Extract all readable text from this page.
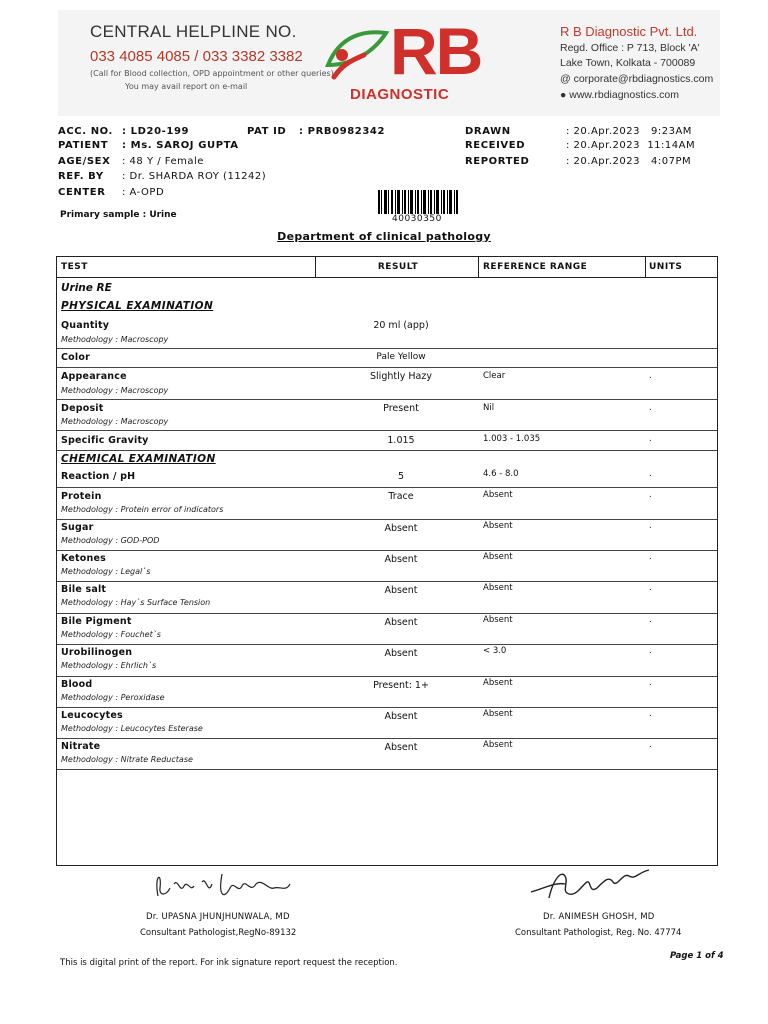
CENTRAL HELPLINE NO.
033 4085 4085 / 033 3382 3382
(Call for Blood collection, OPD appointment or other queries)
You may avail report on e-mail RB
DIAGNOSTIC
R B Diagnostic Pvt. Ltd.
Regd. Office : P 713, Block 'A'
Lake Town, Kolkata - 700089
@ corporate@rbdiagnostics.com
● www.rbdiagnostics.com
ACC. NO. : LD20-199	PAT ID : PRB0982342
PATIENT : Ms. SAROJ GUPTA
AGE/SEX : 48 Y / Female
REF. BY : Dr. SHARDA ROY (11242)
CENTER : A-OPD
DRAWN	: 20.Apr.2023   9:23AM
RECEIVED	: 20.Apr.2023  11:14AM
REPORTED	: 20.Apr.2023   4:07PM
Primary sample : Urine	40030350
Department of clinical pathology
TEST	RESULT	REFERENCE RANGE	UNITS
Urine RE
PHYSICAL EXAMINATION
Quantity	20 ml (app)
Methodology : Macroscopy
Color	Pale Yellow
Appearance	Slightly Hazy	Clear	.
Methodology : Macroscopy
Deposit	Present	Nil	.
Methodology : Macroscopy
Specific Gravity	1.015	1.003 - 1.035	.
CHEMICAL EXAMINATION
Reaction / pH	5	4.6 - 8.0	.
Protein	Trace	Absent	.
Methodology : Protein error of indicators
Sugar	Absent	Absent	.
Methodology : GOD-POD
Ketones	Absent	Absent	.
Methodology : Legal`s
Bile salt	Absent	Absent	.
Methodology : Hay`s Surface Tension
Bile Pigment	Absent	Absent	.
Methodology : Fouchet`s
Urobilinogen	Absent	< 3.0	.
Methodology : Ehrlich`s
Blood	Present: 1+	Absent	.
Methodology : Peroxidase
Leucocytes	Absent	Absent	.
Methodology : Leucocytes Esterase
Nitrate	Absent	Absent	.
Methodology : Nitrate Reductase
Dr. UPASNA JHUNJHUNWALA, MD
Consultant Pathologist,RegNo-89132
Dr. ANIMESH GHOSH, MD
Consultant Pathologist, Reg. No. 47774
Page 1 of 4
This is digital print of the report. For ink signature report request the reception.
